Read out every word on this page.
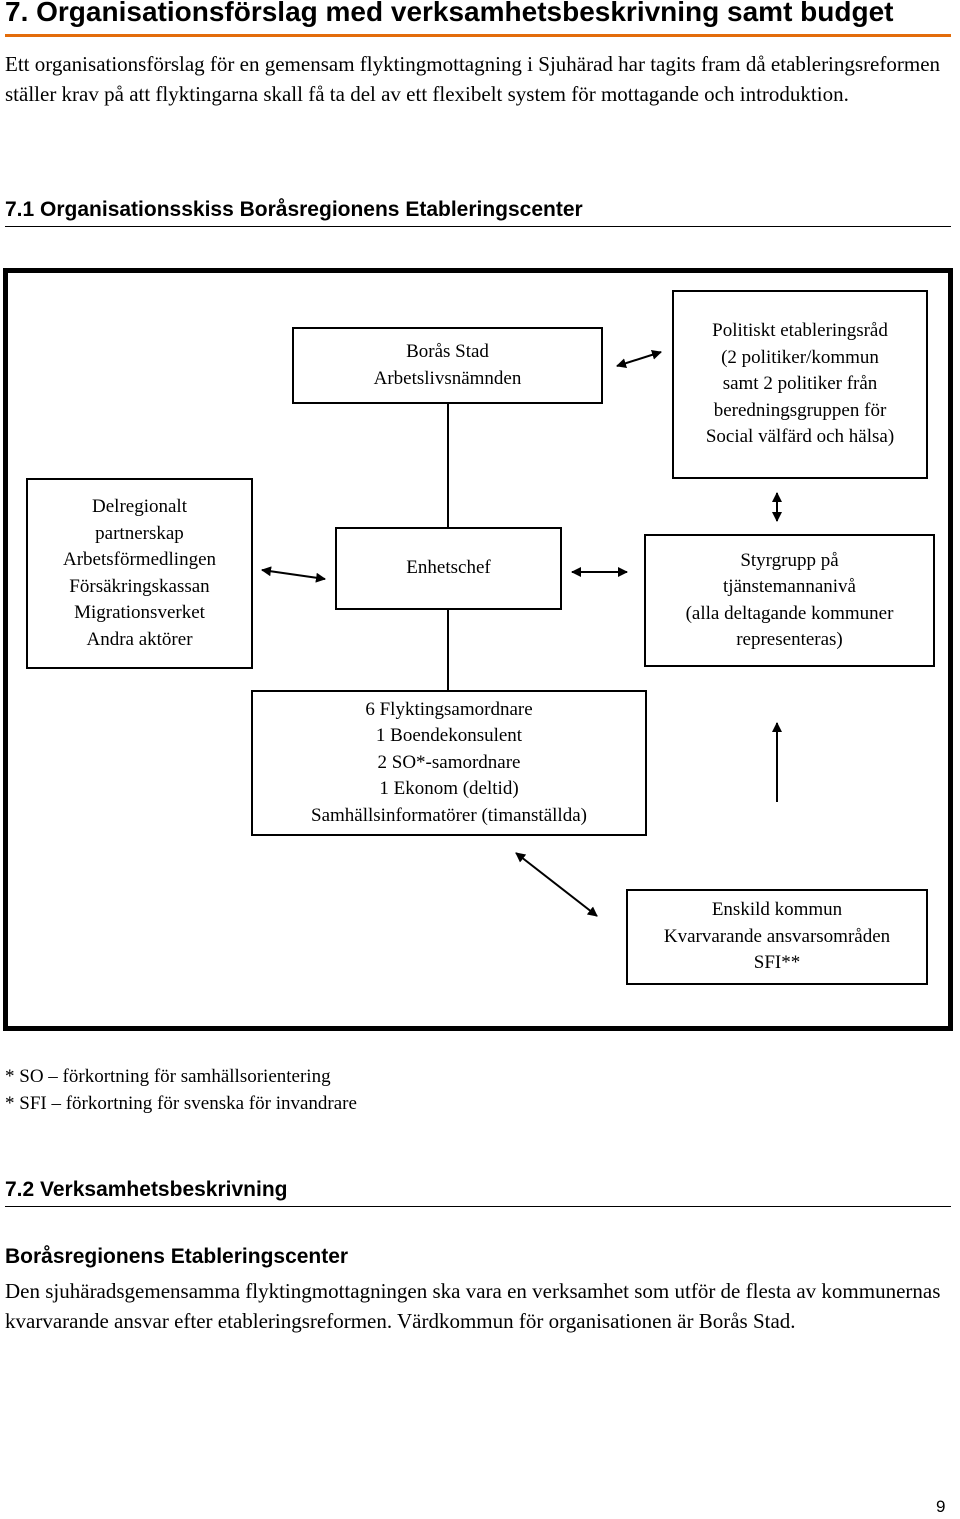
7. Organisationsförslag med verksamhetsbeskrivning samt budget
Ett organisationsförslag för en gemensam flyktingmottagning i Sjuhärad har tagits fram då etableringsreformen ställer krav på att flyktingarna skall få ta del av ett flexibelt system för mottagande och introduktion.
7.1 Organisationsskiss Boråsregionens Etableringscenter
Borås Stad
Arbetslivsnämnden
Politiskt etableringsråd
(2 politiker/kommun
samt 2 politiker från
beredningsgruppen för
Social välfärd och hälsa)
Delregionalt
partnerskap
Arbetsförmedlingen
Försäkringskassan
Migrationsverket
Andra aktörer
Enhetschef	Styrgrupp på
tjänstemannanivå
(alla deltagande kommuner
representeras)
6 Flyktingsamordnare
1 Boendekonsulent
2 SO*-samordnare
1 Ekonom (deltid)
Samhällsinformatörer (timanställda)
Enskild kommun
Kvarvarande ansvarsområden
SFI**
* SO – förkortning för samhällsorientering
* SFI – förkortning för svenska för invandrare
7.2 Verksamhetsbeskrivning
Boråsregionens Etableringscenter
Den sjuhäradsgemensamma flyktingmottagningen ska vara en verksamhet som utför de flesta av kommunernas kvarvarande ansvar efter etableringsreformen. Värdkommun för organisationen är Borås Stad.
9
